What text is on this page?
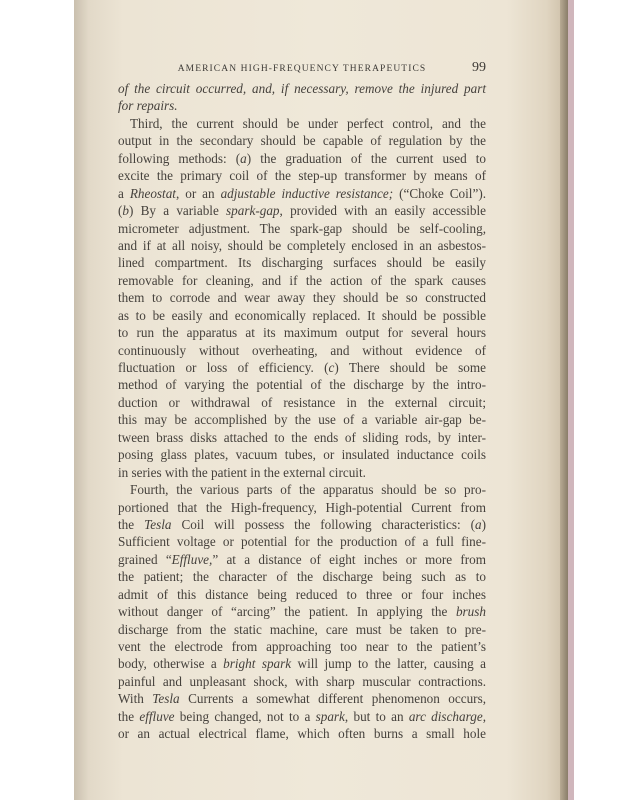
AMERICAN HIGH-FREQUENCY THERAPEUTICS	99
of the circuit occurred, and, if necessary, remove the injured part
for repairs.
Third, the current should be under perfect control, and the
output in the secondary should be capable of regulation by the
following methods: (a) the graduation of the current used to
excite the primary coil of the step-up transformer by means of
a Rheostat, or an adjustable inductive resistance; (“Choke Coil”).
(b) By a variable spark-gap, provided with an easily accessible
micrometer adjustment. The spark-gap should be self-cooling,
and if at all noisy, should be completely enclosed in an asbestos-
lined compartment. Its discharging surfaces should be easily
removable for cleaning, and if the action of the spark causes
them to corrode and wear away they should be so constructed
as to be easily and economically replaced. It should be possible
to run the apparatus at its maximum output for several hours
continuously without overheating, and without evidence of
fluctuation or loss of efficiency. (c) There should be some
method of varying the potential of the discharge by the intro-
duction or withdrawal of resistance in the external circuit;
this may be accomplished by the use of a variable air-gap be-
tween brass disks attached to the ends of sliding rods, by inter-
posing glass plates, vacuum tubes, or insulated inductance coils
in series with the patient in the external circuit.
Fourth, the various parts of the apparatus should be so pro-
portioned that the High-frequency, High-potential Current from
the Tesla Coil will possess the following characteristics: (a)
Sufficient voltage or potential for the production of a full fine-
grained “Effluve,” at a distance of eight inches or more from
the patient; the character of the discharge being such as to
admit of this distance being reduced to three or four inches
without danger of “arcing” the patient. In applying the brush
discharge from the static machine, care must be taken to pre-
vent the electrode from approaching too near to the patient’s
body, otherwise a bright spark will jump to the latter, causing a
painful and unpleasant shock, with sharp muscular contractions.
With Tesla Currents a somewhat different phenomenon occurs,
the effluve being changed, not to a spark, but to an arc discharge,
or an actual electrical flame, which often burns a small hole
